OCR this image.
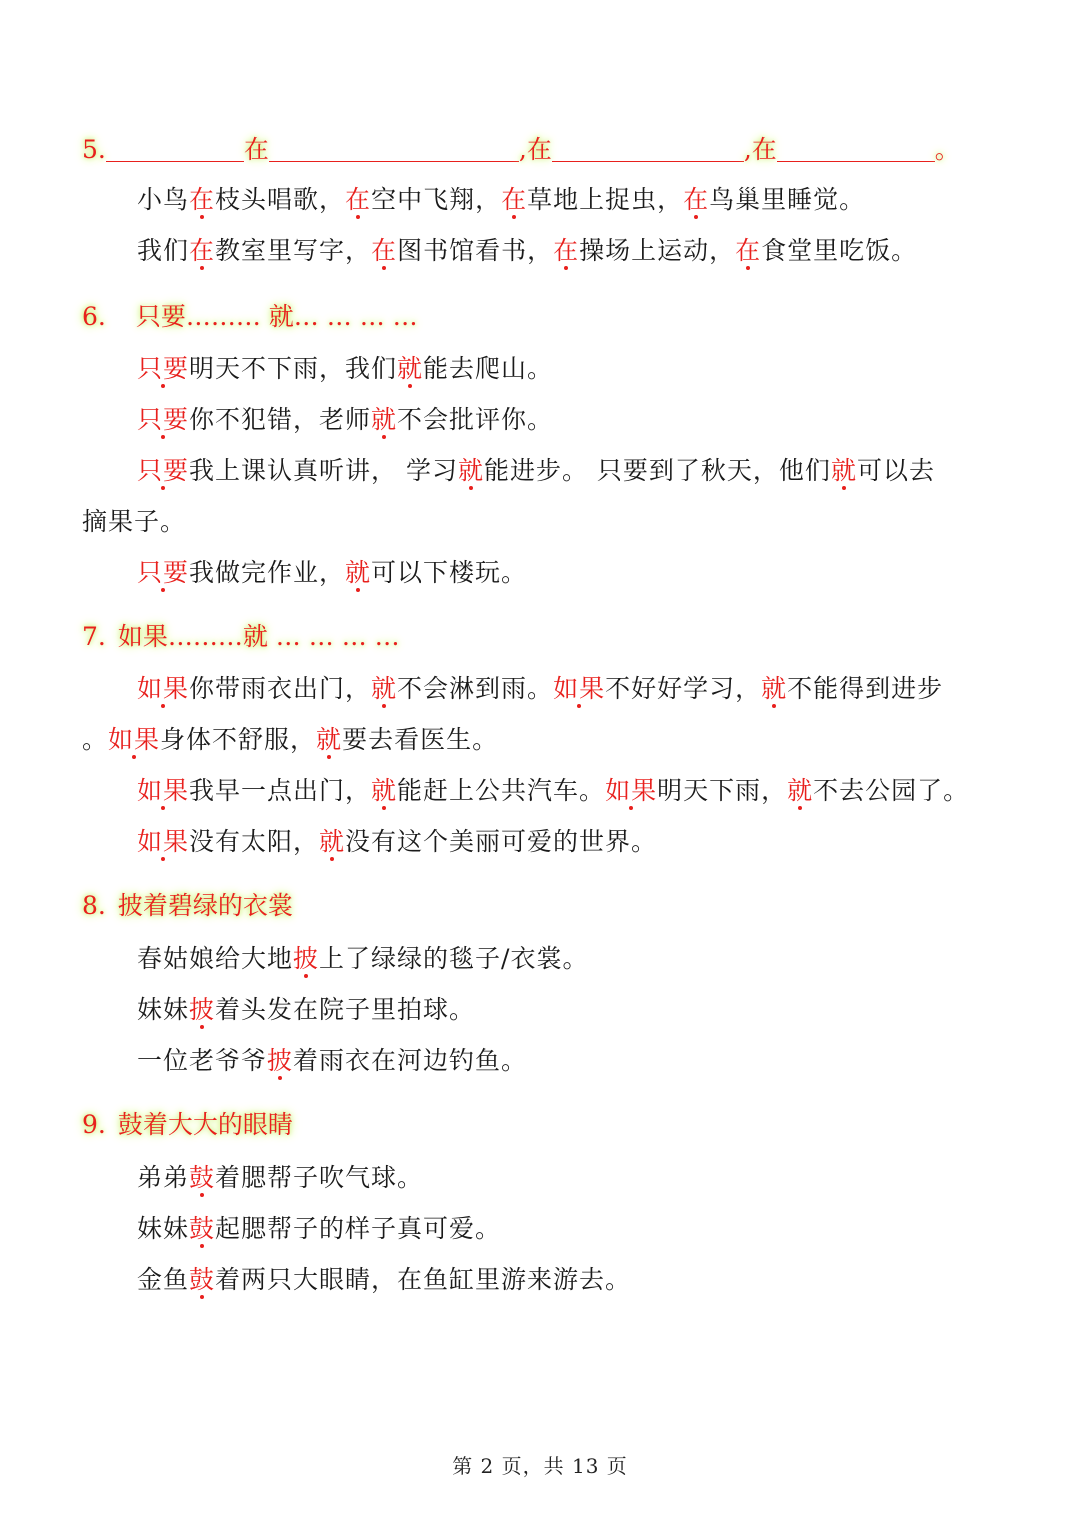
5.	在	,在	,在	。
小鸟在枝头唱歌，在空中飞翔，在草地上捉虫，在鸟巢里睡觉。
我们在教室里写字，在图书馆看书，在操场上运动，在食堂里吃饭。
6. 只要……… 就… … … …
只要明天不下雨，我们就能去爬山。
只要你不犯错，老师就不会批评你。
只要我上课认真听讲， 学习就能进步。 只要到了秋天，他们就可以去
摘果子。
只要我做完作业，就可以下楼玩。
7. 如果………就 … … … …
如果你带雨衣出门，就不会淋到雨。如果不好好学习，就不能得到进步
。如果身体不舒服，就要去看医生。
如果我早一点出门，就能赶上公共汽车。如果明天下雨，就不去公园了。
如果没有太阳，就没有这个美丽可爱的世界。
8. 披着碧绿的衣裳
春姑娘给大地披上了绿绿的毯子/衣裳。
妹妹披着头发在院子里拍球。
一位老爷爷披着雨衣在河边钓鱼。
9. 鼓着大大的眼睛
弟弟鼓着腮帮子吹气球。
妹妹鼓起腮帮子的样子真可爱。
金鱼鼓着两只大眼睛，在鱼缸里游来游去。
第 2 页，共 13 页
